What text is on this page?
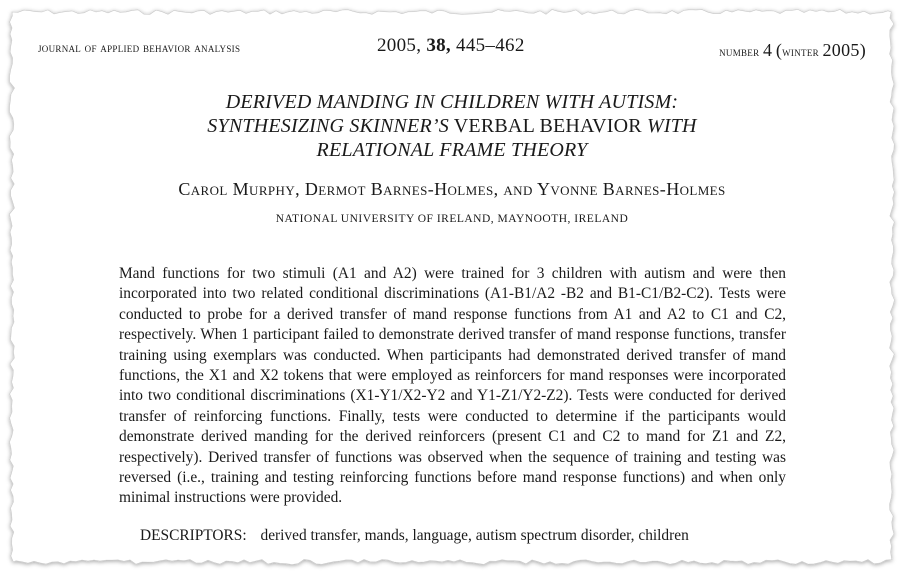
journal of applied behavior analysis	2005, 38, 445–462	number 4 (winter 2005)
DERIVED MANDING IN CHILDREN WITH AUTISM:
SYNTHESIZING SKINNER’S VERBAL BEHAVIOR WITH
RELATIONAL FRAME THEORY
Carol Murphy, Dermot Barnes-Holmes, and Yvonne Barnes-Holmes
NATIONAL UNIVERSITY OF IRELAND, MAYNOOTH, IRELAND
Mand functions for two stimuli (A1 and A2) were trained for 3 children with autism and were then incorporated into two related conditional discriminations (A1-B1/A2 -B2 and B1-C1/B2-C2). Tests were conducted to probe for a derived transfer of mand response functions from A1 and A2 to C1 and C2, respectively. When 1 participant failed to demonstrate derived transfer of mand response functions, transfer training using exemplars was conducted. When participants had demonstrated derived transfer of mand functions, the X1 and X2 tokens that were employed as reinforcers for mand responses were incorporated into two conditional discriminations (X1-Y1/X2-Y2 and Y1-Z1/Y2-Z2). Tests were conducted for derived transfer of reinforcing functions. Finally, tests were conducted to determine if the participants would demonstrate derived manding for the derived reinforcers (present C1 and C2 to mand for Z1 and Z2, respectively). Derived transfer of functions was observed when the sequence of training and testing was reversed (i.e., training and testing reinforcing functions before mand response functions) and when only minimal instructions were provided.
DESCRIPTORS: derived transfer, mands, language, autism spectrum disorder, children
